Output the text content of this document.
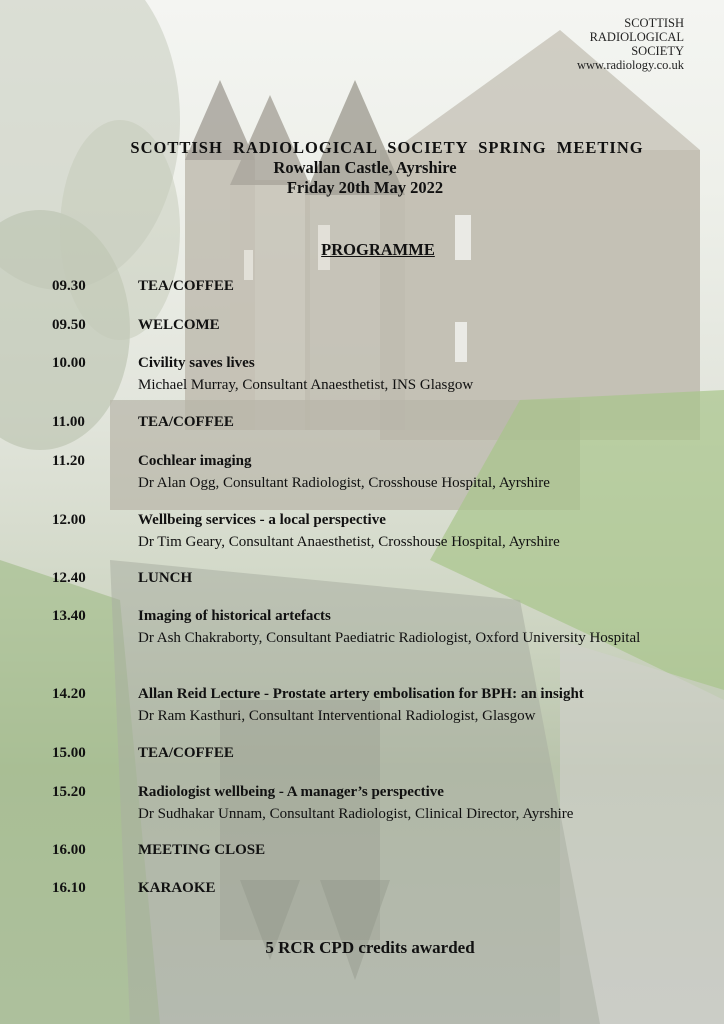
SCOTTISH
RADIOLOGICAL
SOCIETY
www.radiology.co.uk
SCOTTISH  RADIOLOGICAL  SOCIETY  SPRING  MEETING
Rowallan Castle, Ayrshire
Friday 20th May 2022
PROGRAMME
09.30	TEA/COFFEE
09.50	WELCOME
10.00	Civility saves lives
Michael Murray, Consultant Anaesthetist, INS Glasgow
11.00	TEA/COFFEE
11.20	Cochlear imaging
Dr Alan Ogg, Consultant Radiologist, Crosshouse Hospital, Ayrshire
12.00	Wellbeing services - a local perspective
Dr Tim Geary, Consultant Anaesthetist, Crosshouse Hospital, Ayrshire
12.40	LUNCH
13.40	Imaging of historical artefacts
Dr Ash Chakraborty, Consultant Paediatric Radiologist, Oxford University Hospital
14.20	Allan Reid Lecture - Prostate artery embolisation for BPH: an insight
Dr Ram Kasthuri, Consultant Interventional Radiologist, Glasgow
15.00	TEA/COFFEE
15.20	Radiologist wellbeing - A manager’s perspective
Dr Sudhakar Unnam, Consultant Radiologist, Clinical Director, Ayrshire
16.00	MEETING CLOSE
16.10	KARAOKE
5 RCR CPD credits awarded
